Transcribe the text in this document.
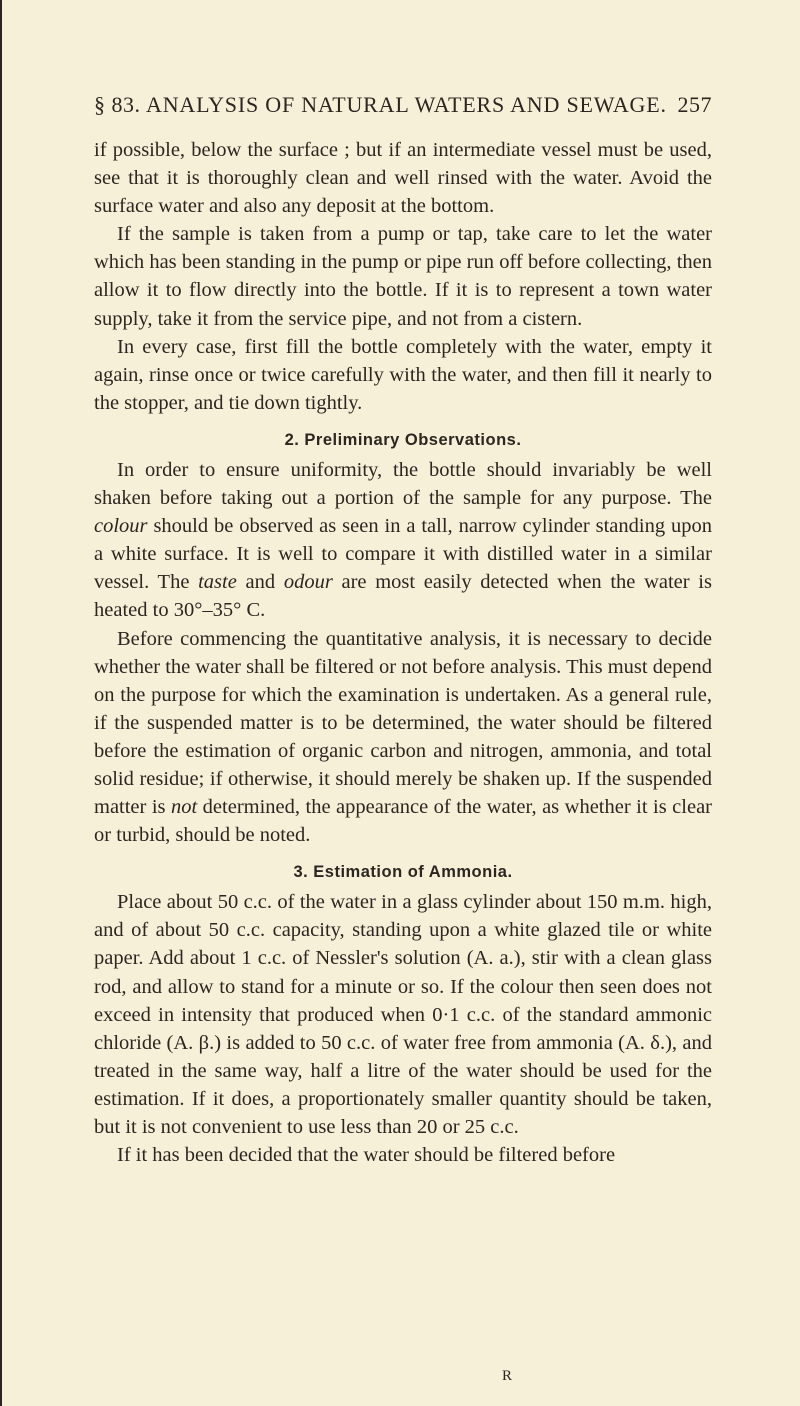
§ 83. ANALYSIS OF NATURAL WATERS AND SEWAGE. 257

if possible, below the surface ; but if an intermediate vessel must be used, see that it is thoroughly clean and well rinsed with the water. Avoid the surface water and also any deposit at the bottom.

If the sample is taken from a pump or tap, take care to let the water which has been standing in the pump or pipe run off before collecting, then allow it to flow directly into the bottle. If it is to represent a town water supply, take it from the service pipe, and not from a cistern.

In every case, first fill the bottle completely with the water, empty it again, rinse once or twice carefully with the water, and then fill it nearly to the stopper, and tie down tightly.

2. Preliminary Observations.

In order to ensure uniformity, the bottle should invariably be well shaken before taking out a portion of the sample for any purpose. The colour should be observed as seen in a tall, narrow cylinder standing upon a white surface. It is well to compare it with distilled water in a similar vessel. The taste and odour are most easily detected when the water is heated to 30°–35° C.

Before commencing the quantitative analysis, it is necessary to decide whether the water shall be filtered or not before analysis. This must depend on the purpose for which the examination is undertaken. As a general rule, if the suspended matter is to be determined, the water should be filtered before the estimation of organic carbon and nitrogen, ammonia, and total solid residue; if otherwise, it should merely be shaken up. If the suspended matter is not determined, the appearance of the water, as whether it is clear or turbid, should be noted.

3. Estimation of Ammonia.

Place about 50 c.c. of the water in a glass cylinder about 150 m.m. high, and of about 50 c.c. capacity, standing upon a white glazed tile or white paper. Add about 1 c.c. of Nessler's solution (A. a.), stir with a clean glass rod, and allow to stand for a minute or so. If the colour then seen does not exceed in intensity that produced when 0·1 c.c. of the standard ammonic chloride (A. β.) is added to 50 c.c. of water free from ammonia (A. δ.), and treated in the same way, half a litre of the water should be used for the estimation. If it does, a proportionately smaller quantity should be taken, but it is not convenient to use less than 20 or 25 c.c.

If it has been decided that the water should be filtered before

R
